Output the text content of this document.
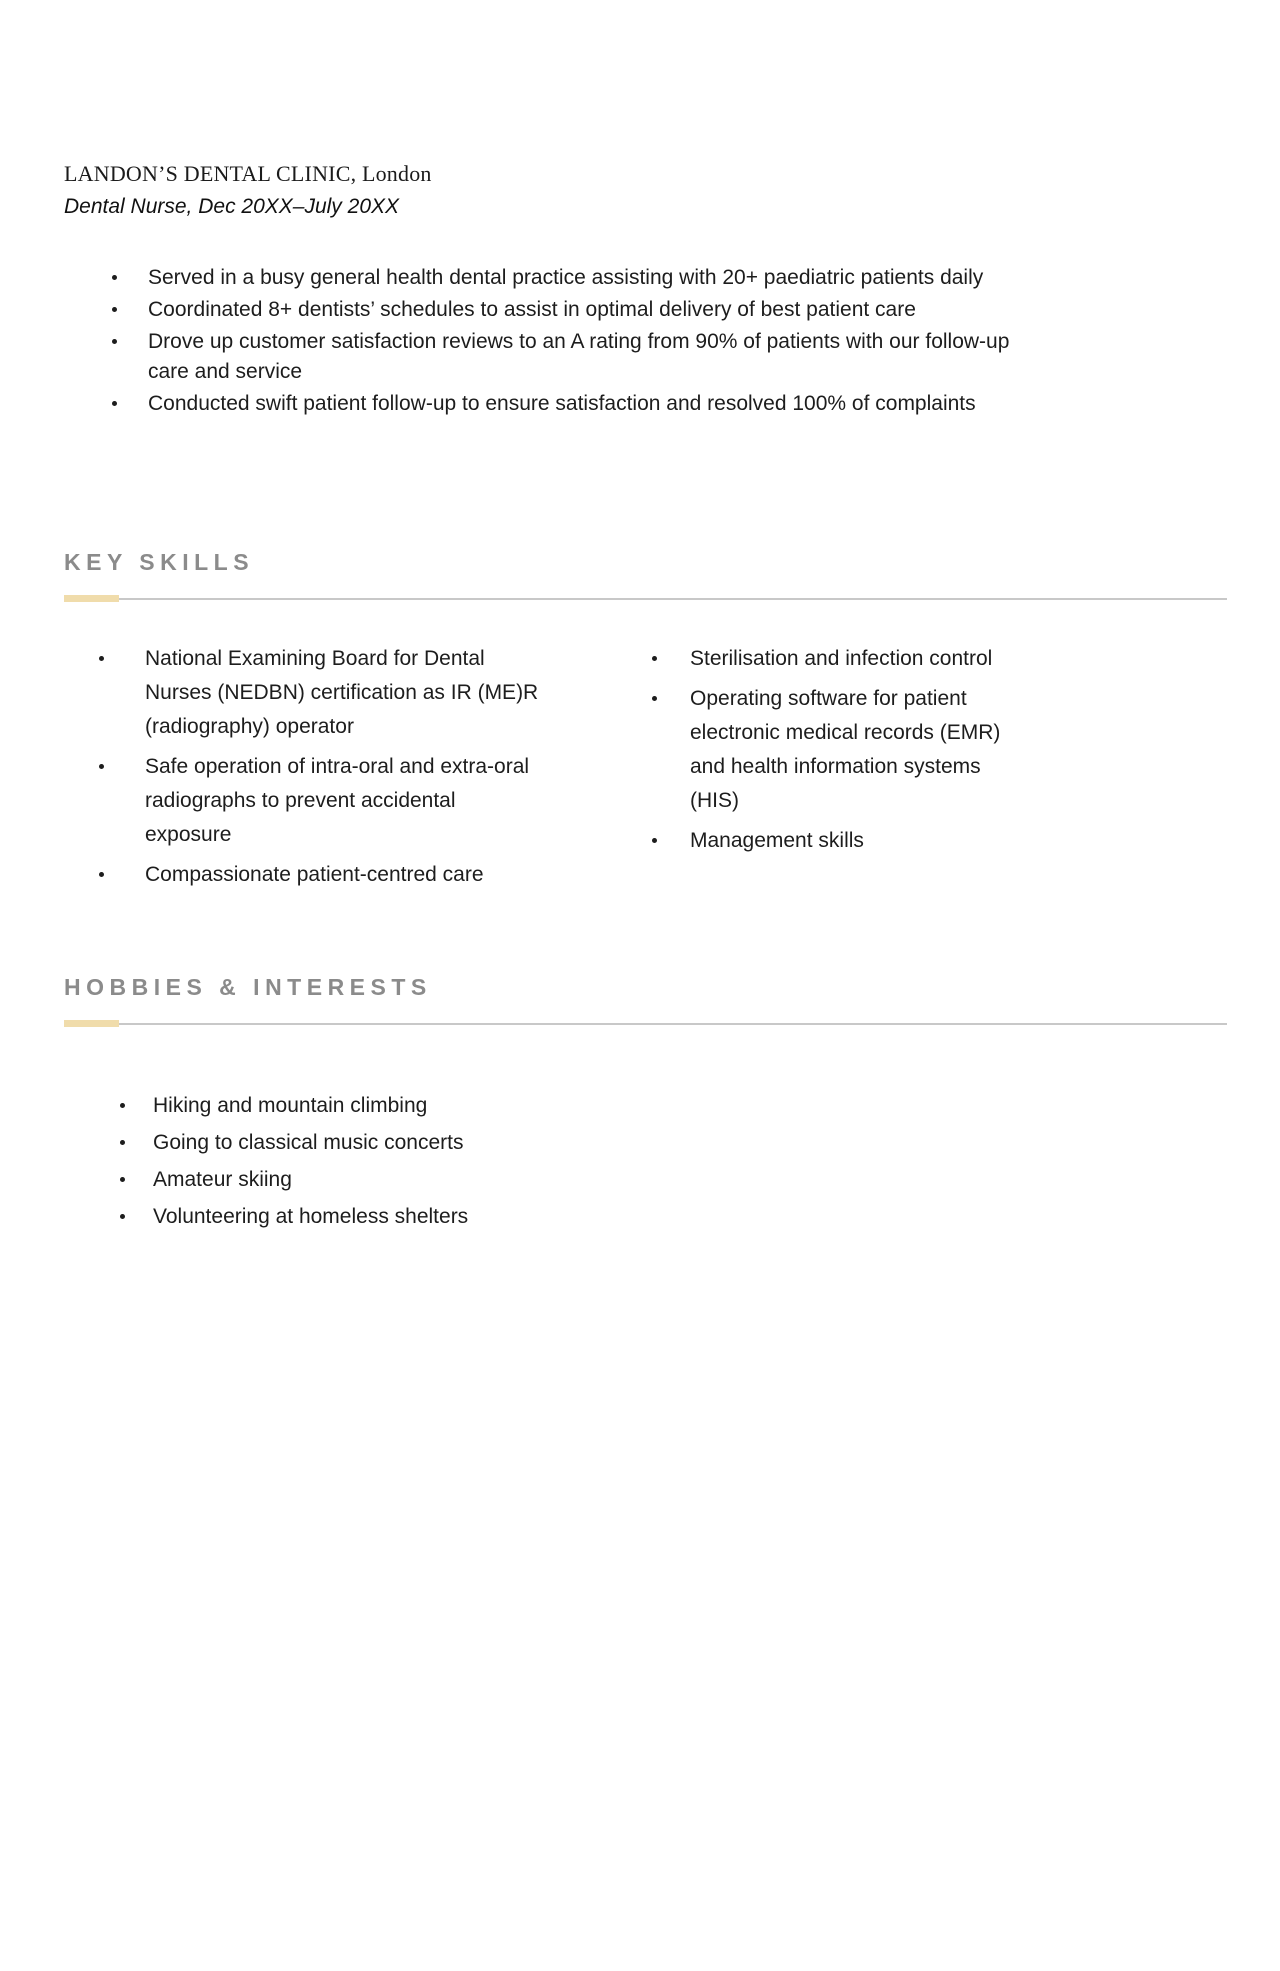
LANDON’S DENTAL CLINIC, London
Dental Nurse, Dec 20XX–July 20XX
Served in a busy general health dental practice assisting with 20+ paediatric patients daily
Coordinated 8+ dentists’ schedules to assist in optimal delivery of best patient care
Drove up customer satisfaction reviews to an A rating from 90% of patients with our follow-up care and service
Conducted swift patient follow-up to ensure satisfaction and resolved 100% of complaints
KEY SKILLS
National Examining Board for Dental Nurses (NEDBN) certification as IR (ME)R (radiography) operator
Safe operation of intra-oral and extra-oral radiographs to prevent accidental exposure
Compassionate patient-centred care
Sterilisation and infection control
Operating software for patient electronic medical records (EMR) and health information systems (HIS)
Management skills
HOBBIES & INTERESTS
Hiking and mountain climbing
Going to classical music concerts
Amateur skiing
Volunteering at homeless shelters
